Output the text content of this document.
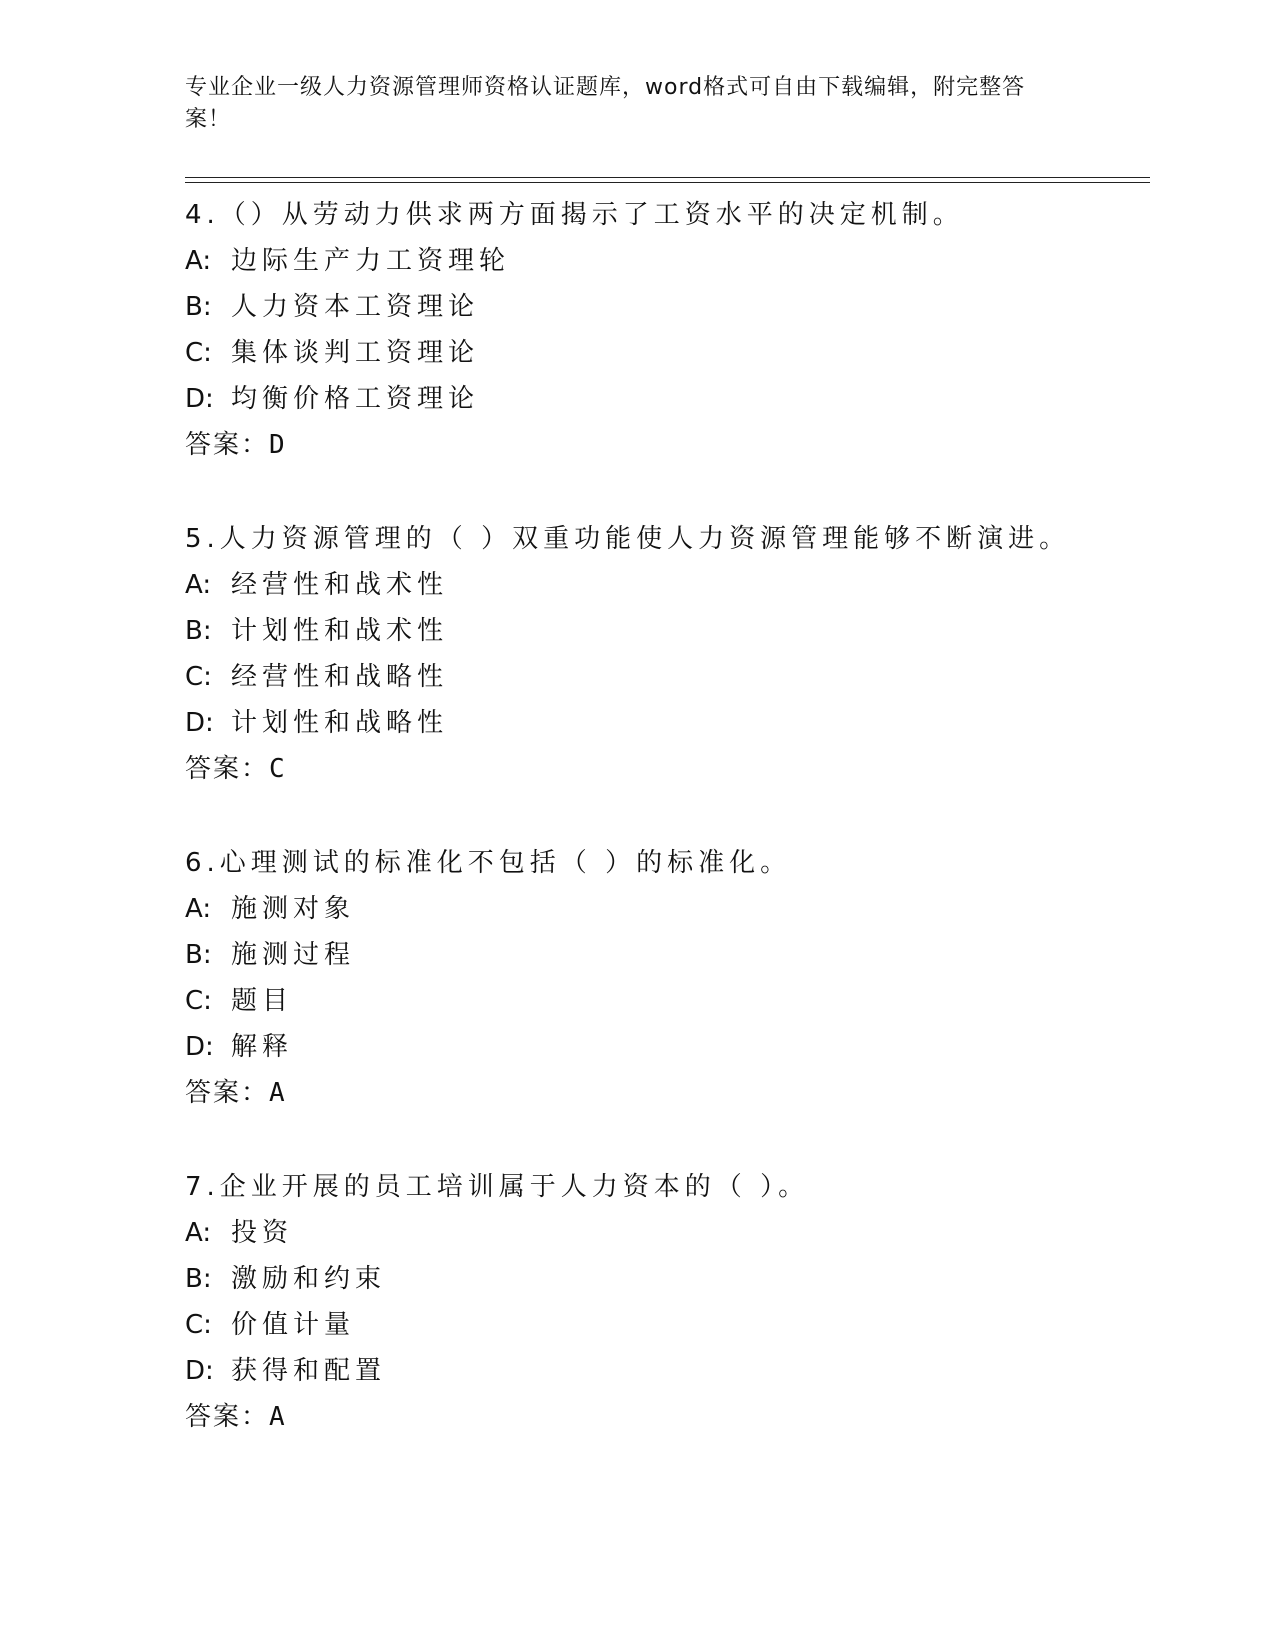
专业企业一级人力资源管理师资格认证题库，word格式可自由下载编辑，附完整答案！
4.（）从劳动力供求两方面揭示了工资水平的决定机制。
A: 边际生产力工资理轮
B: 人力资本工资理论
C: 集体谈判工资理论
D: 均衡价格工资理论
答案：D
5.人力资源管理的（ ）双重功能使人力资源管理能够不断演进。
A: 经营性和战术性
B: 计划性和战术性
C: 经营性和战略性
D: 计划性和战略性
答案：C
6.心理测试的标准化不包括（ ）的标准化。
A: 施测对象
B: 施测过程
C: 题目
D: 解释
答案：A
7.企业开展的员工培训属于人力资本的（ ）。
A: 投资
B: 激励和约束
C: 价值计量
D: 获得和配置
答案：A
